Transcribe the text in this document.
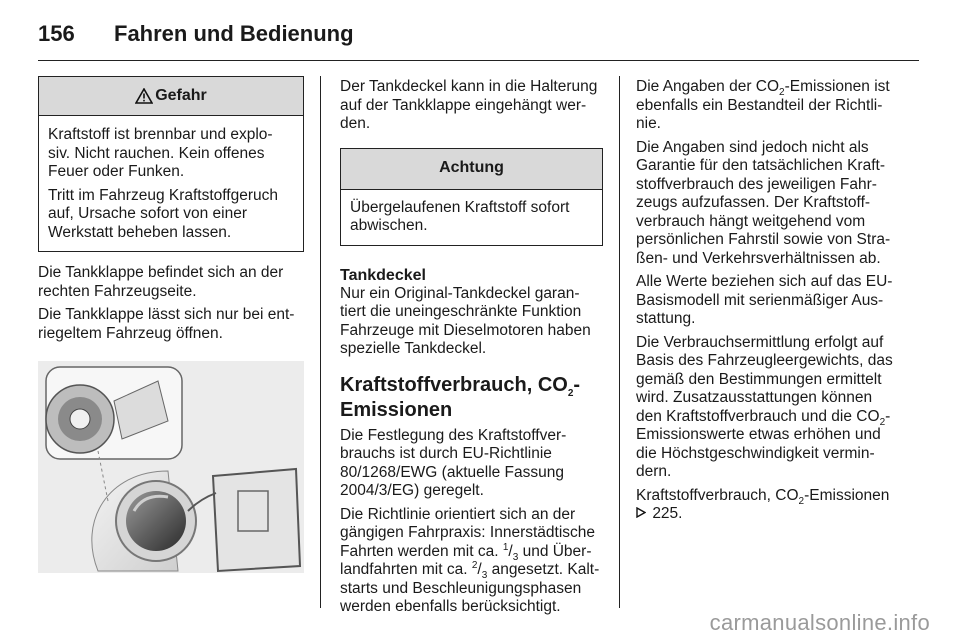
156	Fahren und Bedienung
Gefahr

Kraftstoff ist brennbar und explo-siv. Nicht rauchen. Kein offenes Feuer oder Funken.

Tritt im Fahrzeug Kraftstoffgeruch auf, Ursache sofort von einer Werkstatt beheben lassen.

Die Tankklappe befindet sich an der rechten Fahrzeugseite.

Die Tankklappe lässt sich nur bei ent-riegeltem Fahrzeug öffnen.

Der Tankdeckel kann in die Halterung auf der Tankklappe eingehängt wer-den.

Achtung

Übergelaufenen Kraftstoff sofort abwischen.

Tankdeckel

Nur ein Original-Tankdeckel garan-tiert die uneingeschränkte Funktion Fahrzeuge mit Dieselmotoren haben spezielle Tankdeckel.

Kraftstoffverbrauch, $CO_2$-Emissionen

Die Festlegung des Kraftstoffver-brauchs ist durch EU-Richtlinie 80/1268/EWG (aktuelle Fassung 2004/3/EG) geregelt.

Die Richtlinie orientiert sich an der gängigen Fahrpraxis: Innerstädtische Fahrten werden mit ca. $^1/_3$ und Über-landfahrten mit ca. $^2/_3$ angesetzt. Kalt-starts und Beschleunigungsphasen werden ebenfalls berücksichtigt.

Die Angaben der $CO_2$-Emissionen ist ebenfalls ein Bestandteil der Richtli-nie.

Die Angaben sind jedoch nicht als Garantie für den tatsächlichen Kraft-stoffverbrauch des jeweiligen Fahr-zeugs aufzufassen. Der Kraftstoff-verbrauch hängt weitgehend vom persönlichen Fahrstil sowie von Stra-ßen- und Verkehrsverhältnissen ab.

Alle Werte beziehen sich auf das EU-Basismodell mit serienmäßiger Aus-stattung.

Die Verbrauchsermittlung erfolgt auf Basis des Fahrzeugleergewichts, das gemäß den Bestimmungen ermittelt wird. Zusatzausstattungen können den Kraftstoffverbrauch und die $CO_2$-Emissionswerte etwas erhöhen und die Höchstgeschwindigkeit vermin-dern.

Kraftstoffverbrauch, $CO_2$-Emissionen
225.

carmanualsonline.info
